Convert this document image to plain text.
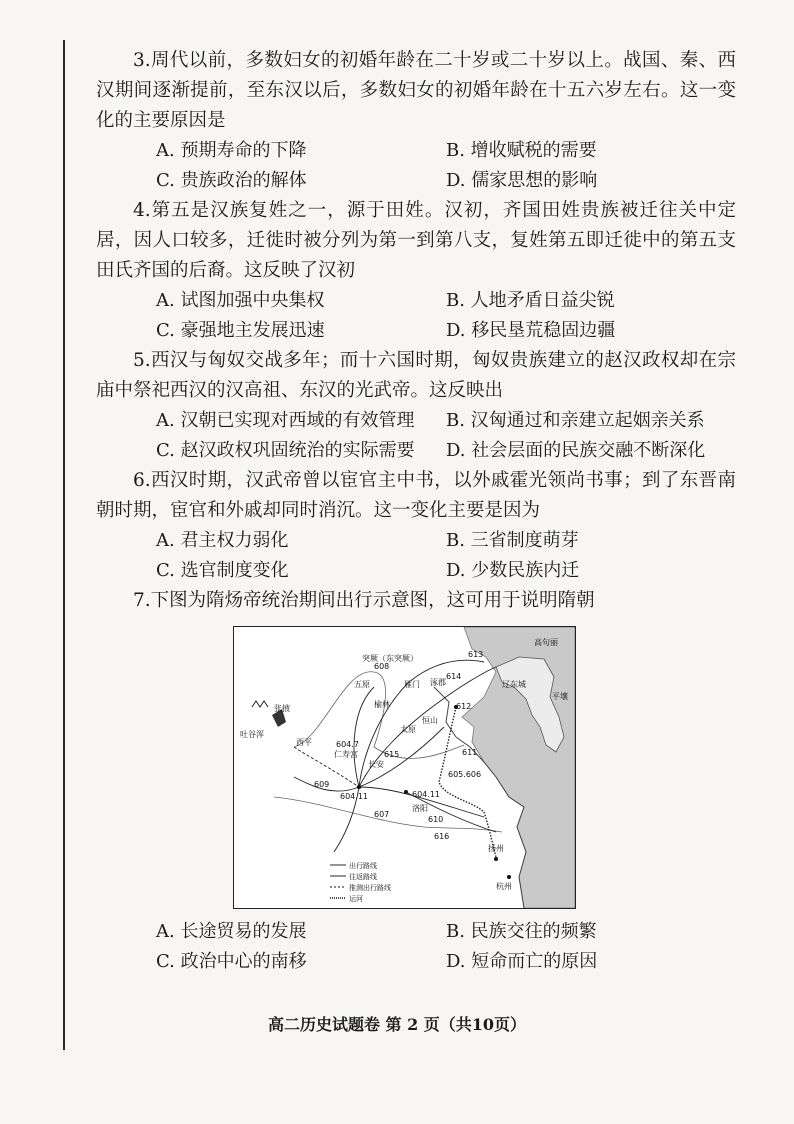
3.周代以前，多数妇女的初婚年龄在二十岁或二十岁以上。战国、秦、西汉期间逐渐提前，至东汉以后，多数妇女的初婚年龄在十五六岁左右。这一变化的主要原因是

A. 预期寿命的下降	B. 增收赋税的需要
C. 贵族政治的解体	D. 儒家思想的影响

4.第五是汉族复姓之一，源于田姓。汉初，齐国田姓贵族被迁往关中定居，因人口较多，迁徙时被分列为第一到第八支，复姓第五即迁徙中的第五支田氏齐国的后裔。这反映了汉初

A. 试图加强中央集权	B. 人地矛盾日益尖锐
C. 豪强地主发展迅速	D. 移民垦荒稳固边疆

5.西汉与匈奴交战多年；而十六国时期，匈奴贵族建立的赵汉政权却在宗庙中祭祀西汉的汉高祖、东汉的光武帝。这反映出

A. 汉朝已实现对西域的有效管理	B. 汉匈通过和亲建立起姻亲关系
C. 赵汉政权巩固统治的实际需要	D. 社会层面的民族交融不断深化

6.西汉时期，汉武帝曾以宦官主中书，以外戚霍光领尚书事；到了东晋南朝时期，宦官和外戚却同时消沉。这一变化主要是因为

A. 君主权力弱化	B. 三省制度萌芽
C. 选官制度变化	D. 少数民族内迁

7.下图为隋炀帝统治期间出行示意图，这可用于说明隋朝

突厥（东突厥）
高句丽
辽东城
平壤
五原	雁门 涿郡
榆林
太原
恒山
张掖
吐谷浑
西平
仁寿宫
长安
洛阳
扬州
杭州
604.7
604.11	604.11
605.606
607
608
609
610
611
612
613
614
615
616
出行路线
往返路线
推测出行路线
运河
A. 长途贸易的发展	B. 民族交往的频繁
C. 政治中心的南移	D. 短命而亡的原因
高二历史试题卷 第 2 页（共10页）
